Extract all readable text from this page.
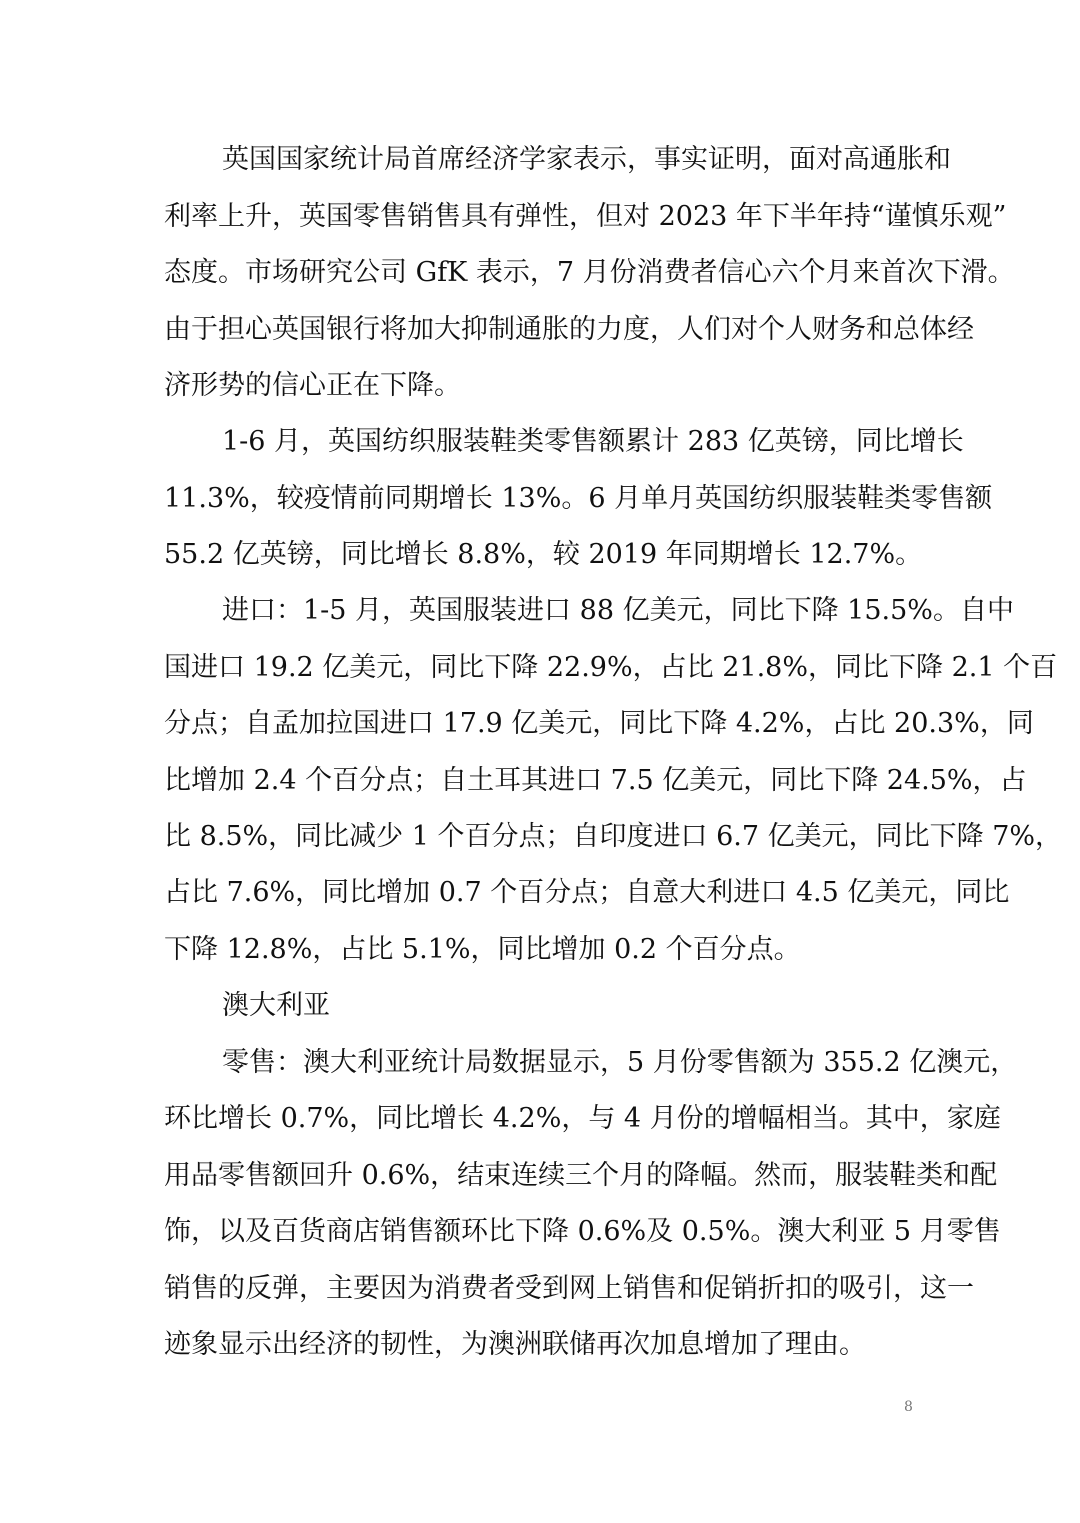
英国国家统计局首席经济学家表示，事实证明，面对高通胀和
利率上升，英国零售销售具有弹性，但对 2023 年下半年持“谨慎乐观”
态度。市场研究公司 GfK 表示，7 月份消费者信心六个月来首次下滑。
由于担心英国银行将加大抑制通胀的力度，人们对个人财务和总体经
济形势的信心正在下降。
1-6 月，英国纺织服装鞋类零售额累计 283 亿英镑，同比增长
11.3%，较疫情前同期增长 13%。6 月单月英国纺织服装鞋类零售额
55.2 亿英镑，同比增长 8.8%，较 2019 年同期增长 12.7%。
进口：1-5 月，英国服装进口 88 亿美元，同比下降 15.5%。自中
国进口 19.2 亿美元，同比下降 22.9%，占比 21.8%，同比下降 2.1 个百
分点；自孟加拉国进口 17.9 亿美元，同比下降 4.2%，占比 20.3%，同
比增加 2.4 个百分点；自土耳其进口 7.5 亿美元，同比下降 24.5%，占
比 8.5%，同比减少 1 个百分点；自印度进口 6.7 亿美元，同比下降 7%，
占比 7.6%，同比增加 0.7 个百分点；自意大利进口 4.5 亿美元，同比
下降 12.8%，占比 5.1%，同比增加 0.2 个百分点。
澳大利亚
零售：澳大利亚统计局数据显示，5 月份零售额为 355.2 亿澳元，
环比增长 0.7%，同比增长 4.2%，与 4 月份的增幅相当。其中，家庭
用品零售额回升 0.6%，结束连续三个月的降幅。然而，服装鞋类和配
饰，以及百货商店销售额环比下降 0.6%及 0.5%。澳大利亚 5 月零售
销售的反弹，主要因为消费者受到网上销售和促销折扣的吸引，这一
迹象显示出经济的韧性，为澳洲联储再次加息增加了理由。
8
